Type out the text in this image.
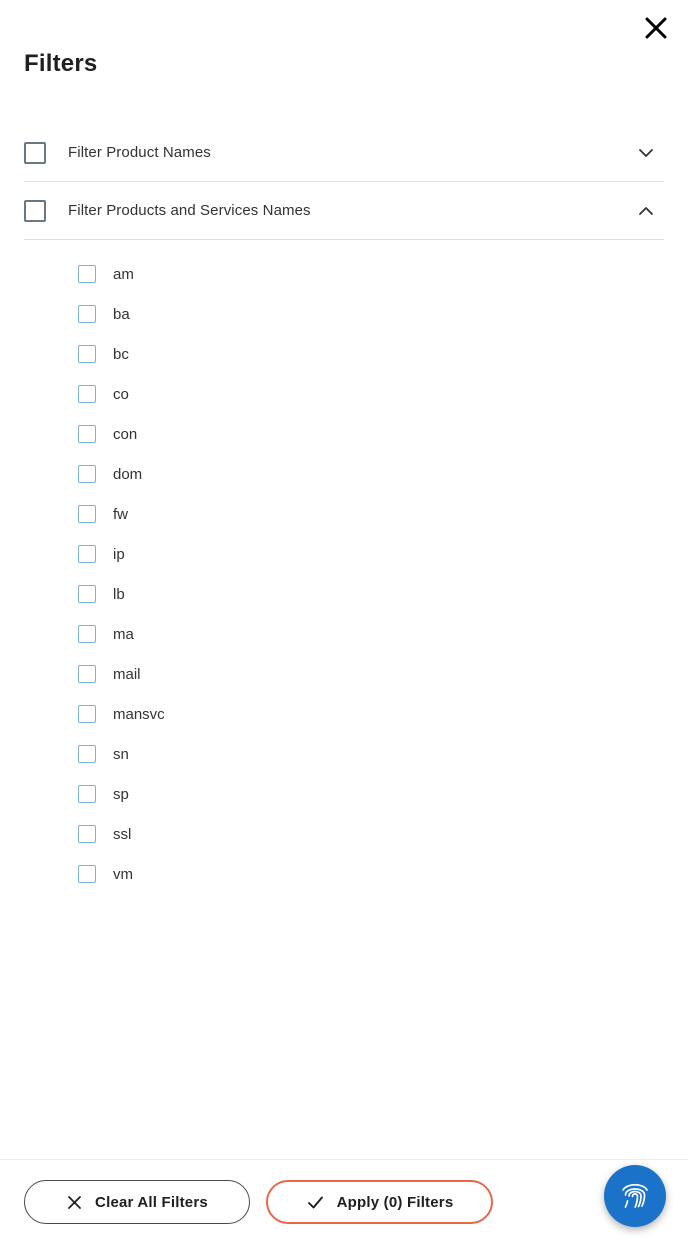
Filters
Filter Product Names
Filter Products and Services Names
am
ba
bc
co
con
dom
fw
ip
lb
ma
mail
mansvc
sn
sp
ssl
vm
Clear All Filters	Apply (0) Filters
